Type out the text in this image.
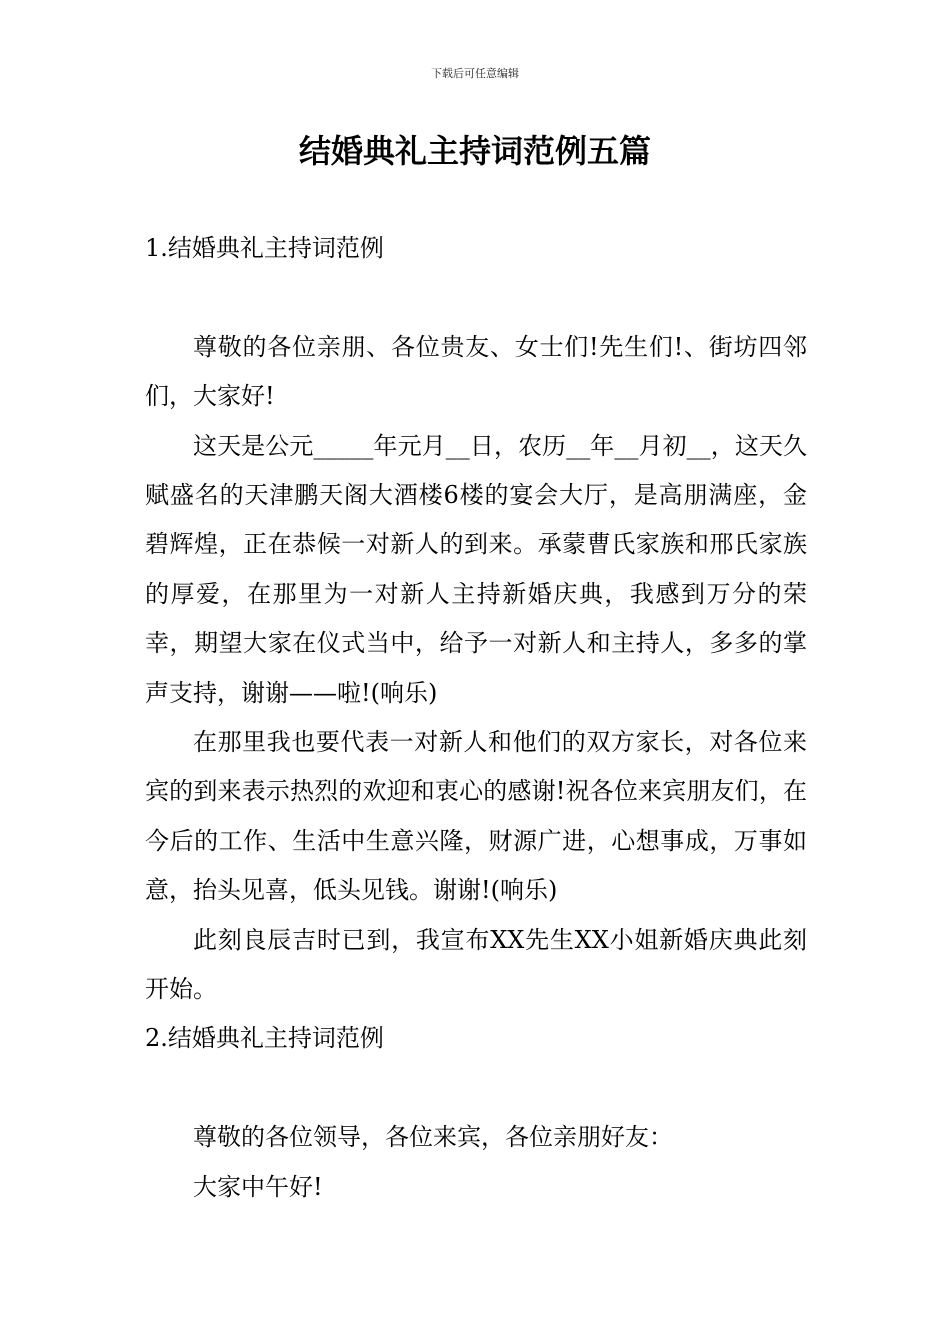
下载后可任意编辑
结婚典礼主持词范例五篇
1.结婚典礼主持词范例

尊敬的各位亲朋、各位贵友、女士们!先生们!、街坊四邻们，大家好!

这天是公元_____年元月__日，农历__年__月初__，这天久赋盛名的天津鹏天阁大酒楼6楼的宴会大厅，是高朋满座，金碧辉煌，正在恭候一对新人的到来。承蒙曹氏家族和邢氏家族的厚爱，在那里为一对新人主持新婚庆典，我感到万分的荣幸，期望大家在仪式当中，给予一对新人和主持人，多多的掌声支持，谢谢——啦!(响乐)

在那里我也要代表一对新人和他们的双方家长，对各位来宾的到来表示热烈的欢迎和衷心的感谢!祝各位来宾朋友们，在今后的工作、生活中生意兴隆，财源广进，心想事成，万事如意，抬头见喜，低头见钱。谢谢!(响乐)

此刻良辰吉时已到，我宣布XX先生XX小姐新婚庆典此刻开始。

2.结婚典礼主持词范例

尊敬的各位领导，各位来宾，各位亲朋好友：

大家中午好!
